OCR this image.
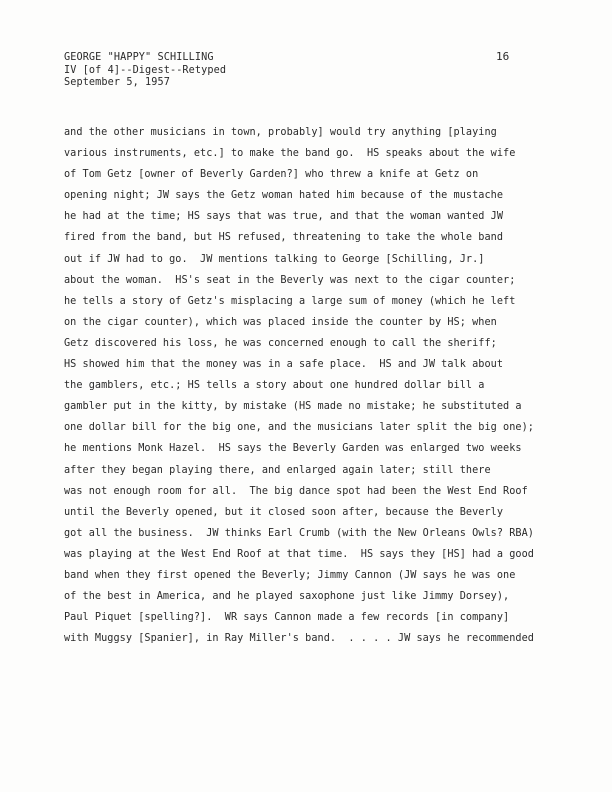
GEORGE "HAPPY" SCHILLING
IV [of 4]--Digest--Retyped
September 5, 1957
16
and the other musicians in town, probably] would try anything [playing
various instruments, etc.] to make the band go.  HS speaks about the wife
of Tom Getz [owner of Beverly Garden?] who threw a knife at Getz on
opening night; JW says the Getz woman hated him because of the mustache
he had at the time; HS says that was true, and that the woman wanted JW
fired from the band, but HS refused, threatening to take the whole band
out if JW had to go.  JW mentions talking to George [Schilling, Jr.]
about the woman.  HS's seat in the Beverly was next to the cigar counter;
he tells a story of Getz's misplacing a large sum of money (which he left
on the cigar counter), which was placed inside the counter by HS; when
Getz discovered his loss, he was concerned enough to call the sheriff;
HS showed him that the money was in a safe place.  HS and JW talk about
the gamblers, etc.; HS tells a story about one hundred dollar bill a
gambler put in the kitty, by mistake (HS made no mistake; he substituted a
one dollar bill for the big one, and the musicians later split the big one);
he mentions Monk Hazel.  HS says the Beverly Garden was enlarged two weeks
after they began playing there, and enlarged again later; still there
was not enough room for all.  The big dance spot had been the West End Roof
until the Beverly opened, but it closed soon after, because the Beverly
got all the business.  JW thinks Earl Crumb (with the New Orleans Owls? RBA)
was playing at the West End Roof at that time.  HS says they [HS] had a good
band when they first opened the Beverly; Jimmy Cannon (JW says he was one
of the best in America, and he played saxophone just like Jimmy Dorsey),
Paul Piquet [spelling?].  WR says Cannon made a few records [in company]
with Muggsy [Spanier], in Ray Miller's band.  . . . . JW says he recommended
